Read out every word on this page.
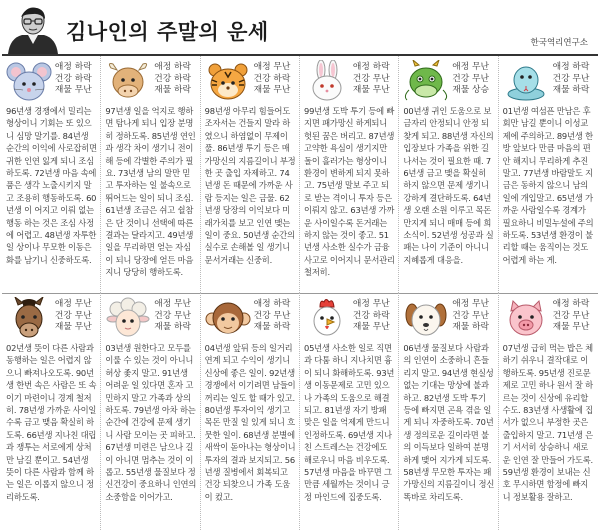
김나인의 주말의 운세	한국역리연구소
애정 하락
건강 하락
재물 무난
96년생 경쟁에서 밀리는 형상이니 기회는 또 있으니 심망 말기를. 84년생 순간의 이익에 사로잡히면 귀한 인연 잃게 되니 조심하도록. 72년생 마음 속에 품은 생각 노출시키지 말고 조용히 행동하도록. 60년생 이 어지고 이뤄 없는 행동 하는 것은 조심 사정에 어렵고. 48년생 자투한 일 상이나 무모한 이동은 화를 남기니 신중하도록.
애정 하락
건강 하락
재물 하락
97년생 일을 억지로 행하면 탐나게 되니 입장 분명히 정하도록. 85년생 연인과 생각 차이 생기니 전이해 등에 각별한 주의가 필요. 73년생 남의 말만 믿고 투자하는 일 불속으로 뛰어드는 일이 되니 조심. 61년생 조금은 쉬고 쉴참은 단 것이니 선택에 따른 결과는 달라지고. 49년생 일을 무리하면 얻는 자심이 되니 당장에 얻든 마음 지니 당당히 행하도록.
애정 무난
건강 하락
재물 무난
98년생 아무리 힘들어도 조자서는 건들지 말라 하였으니 하염없이 무제이 풀. 86년생 투기 등은 매가망신의 지름길이니 부정한 곳 출입 자제하고. 74년생 돈 때문에 가까운 사람 등지는 일은 금물. 62년생 당장의 이익보다 미래가치를 보고 인연 맺는 일이 중요. 50년생 순간의 실수로 손해볼 일 생기니 문서거래는 신중히.
애정 하락
건강 무난
재물 무난
99년생 도박 투기 등에 빠지면 패가망신 하게되니 헛된 꿈은 버리고. 87년생 고약한 욕심이 생기지만 돌이 흘러가는 형상이니 환경이 변하게 되지 못하고. 75년생 말보 주고 되로 받는 격이니 투자 등은 이뤄지 않고. 63년생 가까운 사이일수록 돈거래는 하지 않는 것이 좋고. 51년생 사소한 실수가 금융사고로 이어지니 문서관리 철저히.
애정 무난
건강 무난
재물 상승
00년생 귀인 도움으로 보금자리 안정되니 안정 되찾게 되고. 88년생 자신의 입장보다 가족을 위한 길 나서는 것이 필요한 때. 76년생 금고 맺을 확실히 하지 않으면 문제 생기니 강하게 결단하도록. 64년생 오랜 소원 이루고 목돈 만지게 되니 매매 등에 희소식이. 52년생 성공과 실패는 나이 기준이 아니니 지혜롭게 대응을.
애정 하락
건강 무난
재물 하락
01년생 여섬픈 만남은 후회만 남길 뿐이니 이성교제에 주의하고. 89년생 한방 앞보다 만큼 마음의 편안 해지니 무리하게 추진말고. 77년생 바람말도 지금은 동하지 않으니 남의 일에 개입말고. 65년생 가까운 사람일수록 경계가 필요하니 비밀누설에 주의하도록. 53년생 환경이 불리할 때는 움직이는 것도 어렵게 하는 게.
애정 무난
건강 무난
재물 무난
02년생 뜻이 다른 사람과 동행하는 일은 어렵지 않으니 빠져나오도록. 90년생 한번 속은 사람은 또 속이기 마련이니 경계 철저히. 78년생 가까운 사이일수록 금고 맺음 확실히 하도록. 66년생 지나친 대립과 쟁투는 서로에게 상처만 남길 뿐이고. 54년생 뜻이 다른 사람과 함께 하는 일은 이롭지 않으니 정리하도록.
애정 무난
건강 무난
재물 하락
03년생 원한다고 모두를 이룰 수 있는 것이 아니니 허상 좇지 말고. 91년생 어려운 일 있다면 혼자 고민하지 말고 가족과 상의하도록. 79년생 아차 하는 순간에 건강에 문제 생기니 사람 모이는 곳 피하고. 67년생 미련은 남으나 길이 아니면 멈추는 것이 이롭고. 55년생 물질보다 정신건강이 중요하니 인연의 소중함을 이어가고.
애정 하락
건강 무난
재물 하락
04년생 앞뒤 등의 일거리 연계 되고 수익이 생기니 신상에 좋은 일이. 92년생 경쟁에서 이기려면 남들이 꺼리는 일도 할 때가 있고. 80년생 투자이익 생기고 목돈 만질 일 있게 되니 흐뭇한 일이. 68년생 분별에 새싹이 돋아나는 형상이니 투자의 결과 보지되고. 56년생 질병에서 회복되고 건강 되찾으니 가족 도움이 컸고.
애정 무난
건강 하락
재물 무난
05년생 사소한 일로 직면과 다툼 하니 지나치면 흉이 되니 화해하도록. 93년생 이동문제로 고민 있으나 가족의 도움으로 해결되고. 81년생 자기 방패 맞은 일을 억제게 만드니 인정하도록. 69년생 지나친 스트레스는 건강에도 해로우니 마음 비우도록. 57년생 마음을 바꾸면 그 만큼 세월까는 것이니 긍정 마인드에 집중도록.
애정 무난
건강 무난
재물 하락
06년생 물질보다 사람과의 인연이 소중하니 흔들리지 말고. 94년생 현실성 없는 기대는 망상에 불과하고. 82년생 도박 투기 등에 빠지면 곤욕 겪을 일게 되니 자중하도록. 70년생 정의로운 길이라면 불의 이득보다 일하여 분명하게 맺어 지가게 되도록. 58년생 무모한 투자는 패가망신의 지름길이니 정신 똑바로 차리도록.
애정 하락
건강 무난
재물 무난
07년생 급히 먹는 밥은 체하기 쉬우니 결작대로 이행하도록. 95년생 진로문제로 고민 하나 원서 잘 하르는 것이 신상에 유리할 수도. 83년생 사생활에 집서가 없으니 부정한 곳은 출입하지 말고. 71년생 은기 서서히 상승하니 새로운 인연 잘 만들어 가도록. 59년생 환경이 보내는 신호 무시하면 함정에 빠지니 정보활용 잘하고.
